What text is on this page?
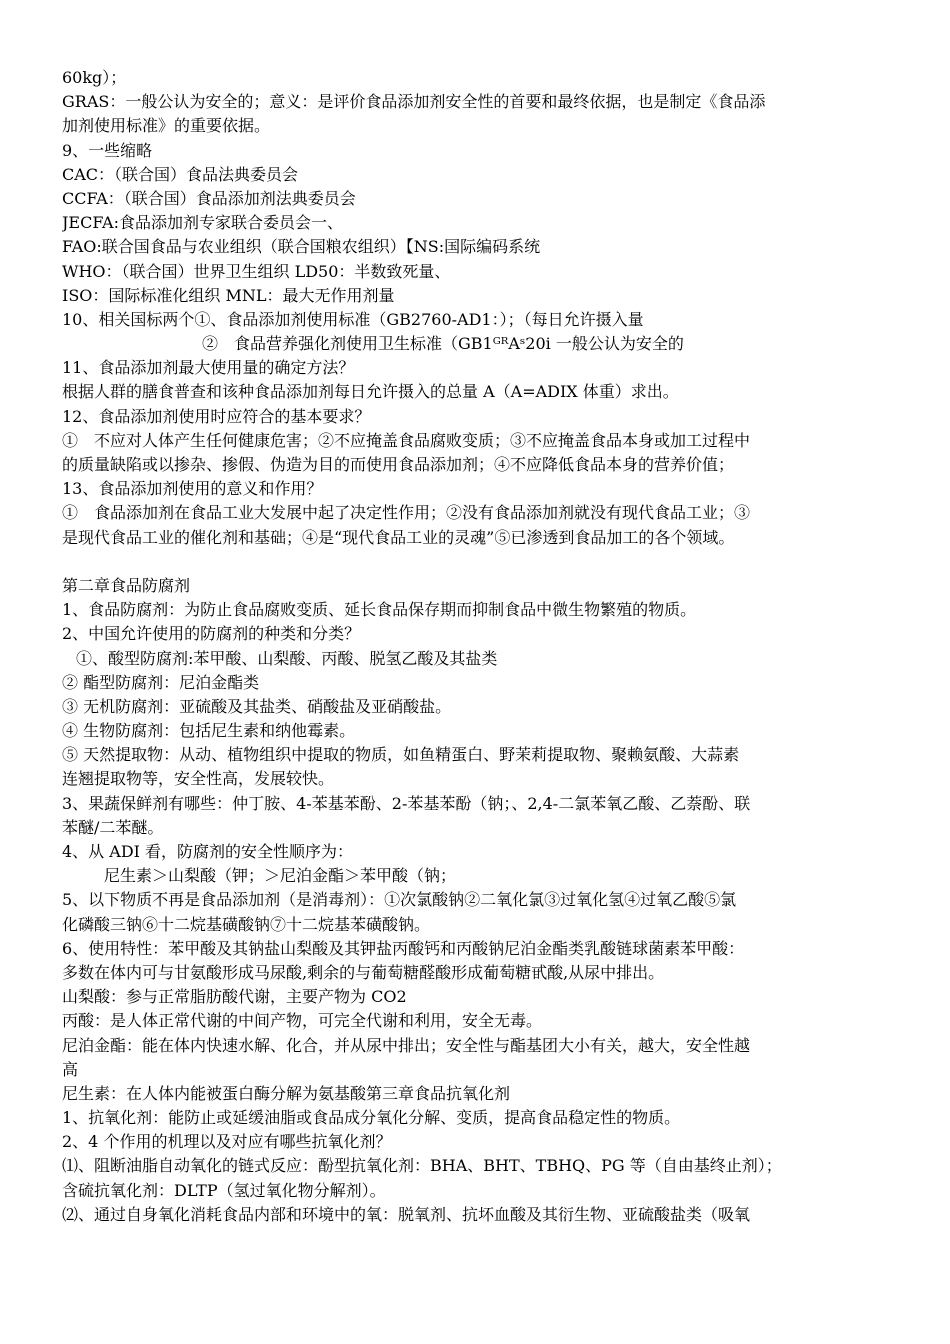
60kg）；
GRAS：一般公认为安全的；意义：是评价食品添加剂安全性的首要和最终依据，也是制定《食品添
加剂使用标准》的重要依据。
9、一些缩略
CAC：（联合国）食品法典委员会
CCFA：（联合国）食品添加剂法典委员会
JECFA:食品添加剂专家联合委员会一、
FAO:联合国食品与农业组织（联合国粮农组织）【NS:国际编码系统
WHO：（联合国）世界卫生组织 LD50：半数致死量、
ISO：国际标准化组织 MNL：最大无作用剂量
10、相关国标两个①、食品添加剂使用标准（GB2760-AD1：）；（每日允许摄入量
②　食品营养强化剂使用卫生标准（GB1ᴳᴿAˢ20i 一般公认为安全的
11、食品添加剂最大使用量的确定方法？
根据人群的膳食普查和该种食品添加剂每日允许摄入的总量 A（A=ADIX 体重）求出。
12、食品添加剂使用时应符合的基本要求？
①　不应对人体产生任何健康危害；②不应掩盖食品腐败变质；③不应掩盖食品本身或加工过程中
的质量缺陷或以掺杂、掺假、伪造为目的而使用食品添加剂；④不应降低食品本身的营养价值；
13、食品添加剂使用的意义和作用？
①　食品添加剂在食品工业大发展中起了决定性作用；②没有食品添加剂就没有现代食品工业；③
是现代食品工业的催化剂和基础；④是“现代食品工业的灵魂”⑤已渗透到食品加工的各个领域。
第二章食品防腐剂
1、食品防腐剂：为防止食品腐败变质、延长食品保存期而抑制食品中微生物繁殖的物质。
2、中国允许使用的防腐剂的种类和分类？
①、酸型防腐剂:苯甲酸、山梨酸、丙酸、脱氢乙酸及其盐类
② 酯型防腐剂：尼泊金酯类
③ 无机防腐剂：亚硫酸及其盐类、硝酸盐及亚硝酸盐。
④ 生物防腐剂：包括尼生素和纳他霉素。
⑤ 天然提取物：从动、植物组织中提取的物质，如鱼精蛋白、野茉莉提取物、聚赖氨酸、大蒜素
连翘提取物等，安全性高，发展较快。
3、果蔬保鲜剂有哪些：仲丁胺、4-苯基苯酚、2-苯基苯酚（钠；、2,4-二氯苯氧乙酸、乙萘酚、联
苯醚/二苯醚。
4、从 ADI 看，防腐剂的安全性顺序为：
尼生素＞山梨酸（钾；＞尼泊金酯＞苯甲酸（钠；
5、以下物质不再是食品添加剂（是消毒剂）：①次氯酸钠②二氧化氯③过氧化氢④过氧乙酸⑤氯
化磷酸三钠⑥十二烷基磺酸钠⑦十二烷基苯磺酸钠。
6、使用特性：苯甲酸及其钠盐山梨酸及其钾盐丙酸钙和丙酸钠尼泊金酯类乳酸链球菌素苯甲酸：
多数在体内可与甘氨酸形成马尿酸,剩余的与葡萄糖醛酸形成葡萄糖甙酸,从尿中排出。
山梨酸：参与正常脂肪酸代谢，主要产物为 CO2
丙酸：是人体正常代谢的中间产物，可完全代谢和利用，安全无毒。
尼泊金酯：能在体内快速水解、化合，并从尿中排出；安全性与酯基团大小有关，越大，安全性越
高
尼生素：在人体内能被蛋白酶分解为氨基酸第三章食品抗氧化剂
1、抗氧化剂：能防止或延缓油脂或食品成分氧化分解、变质，提高食品稳定性的物质。
2、4 个作用的机理以及对应有哪些抗氧化剂？
⑴、阻断油脂自动氧化的链式反应：酚型抗氧化剂：BHA、BHT、TBHQ、PG 等（自由基终止剂）；
含硫抗氧化剂：DLTP（氢过氧化物分解剂）。
⑵、通过自身氧化消耗食品内部和环境中的氧：脱氧剂、抗坏血酸及其衍生物、亚硫酸盐类（吸氧
